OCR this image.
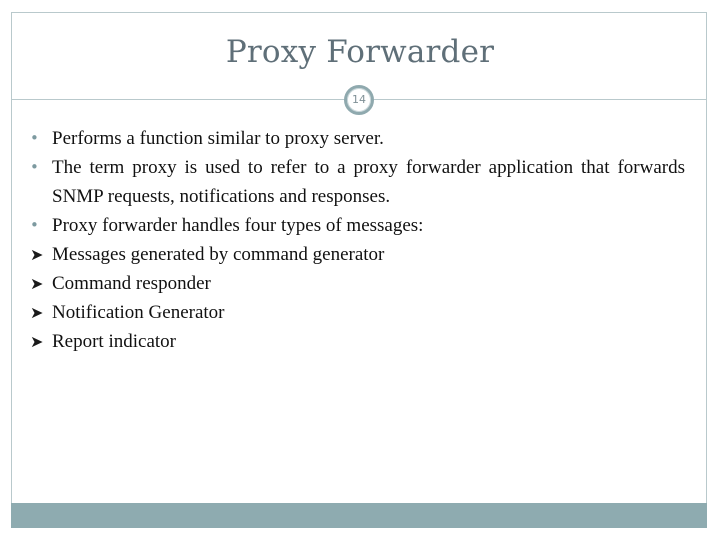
Proxy Forwarder
14
• Performs a function similar to proxy server.
• The term proxy is used to refer to a proxy forwarder application that forwards SNMP requests, notifications and responses.
• Proxy forwarder handles four types of messages:
➤ Messages generated by command generator
➤ Command responder
➤ Notification Generator
➤ Report indicator
